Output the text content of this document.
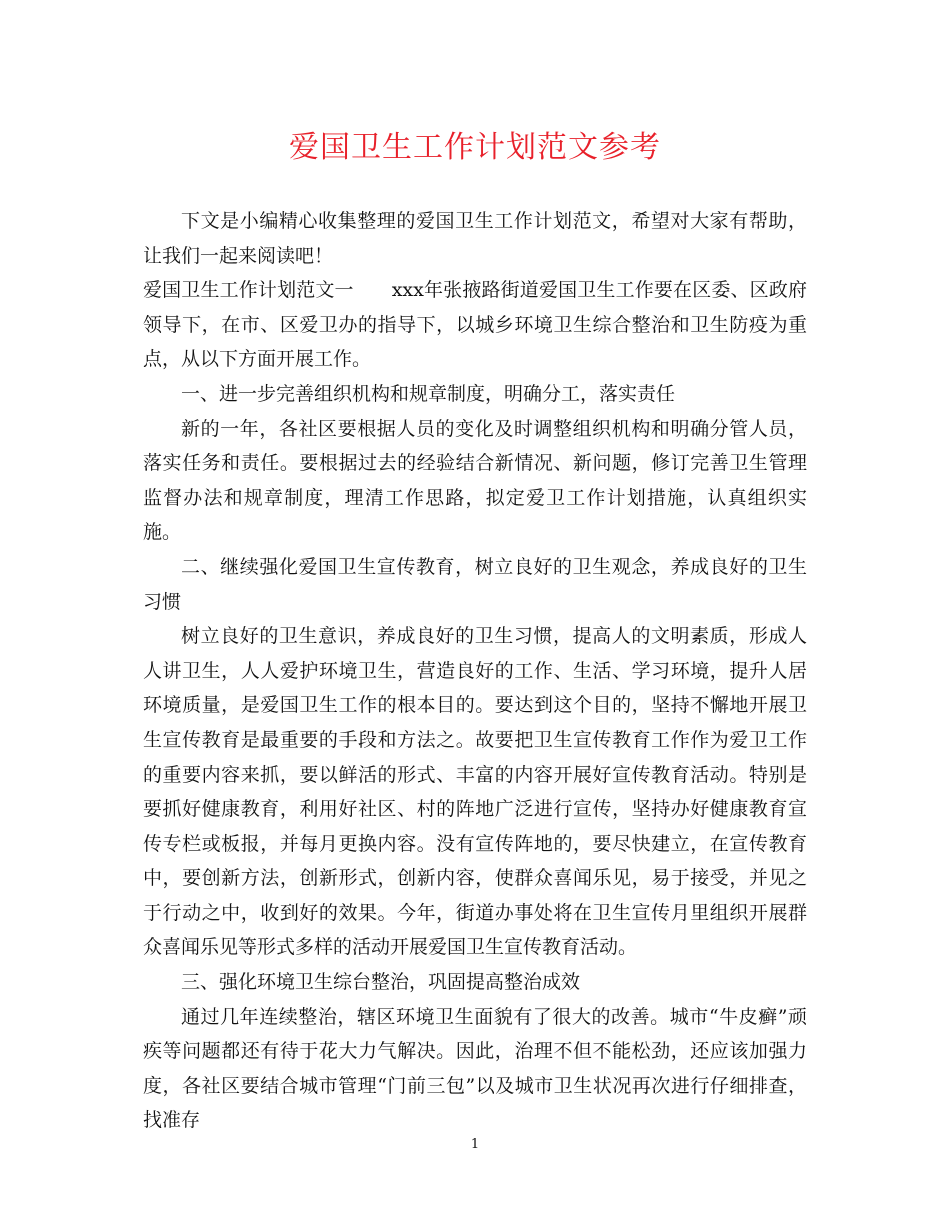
爱国卫生工作计划范文参考

下文是小编精心收集整理的爱国卫生工作计划范文，希望对大家有帮助，让我们一起来阅读吧！

爱国卫生工作计划范文一 xxx年张掖路街道爱国卫生工作要在区委、区政府领导下，在市、区爱卫办的指导下，以城乡环境卫生综合整治和卫生防疫为重点，从以下方面开展工作。

一、进一步完善组织机构和规章制度，明确分工，落实责任

新的一年，各社区要根据人员的变化及时调整组织机构和明确分管人员，落实任务和责任。要根据过去的经验结合新情况、新问题，修订完善卫生管理监督办法和规章制度，理清工作思路，拟定爱卫工作计划措施，认真组织实施。

二、继续强化爱国卫生宣传教育，树立良好的卫生观念，养成良好的卫生习惯

树立良好的卫生意识，养成良好的卫生习惯，提高人的文明素质，形成人人讲卫生，人人爱护环境卫生，营造良好的工作、生活、学习环境，提升人居环境质量，是爱国卫生工作的根本目的。要达到这个目的，坚持不懈地开展卫生宣传教育是最重要的手段和方法之。故要把卫生宣传教育工作作为爱卫工作的重要内容来抓，要以鲜活的形式、丰富的内容开展好宣传教育活动。特别是要抓好健康教育，利用好社区、村的阵地广泛进行宣传，坚持办好健康教育宣传专栏或板报，并每月更换内容。没有宣传阵地的，要尽快建立，在宣传教育中，要创新方法，创新形式，创新内容，使群众喜闻乐见，易于接受，并见之于行动之中，收到好的效果。今年，街道办事处将在卫生宣传月里组织开展群众喜闻乐见等形式多样的活动开展爱国卫生宣传教育活动。

三、强化环境卫生综台整治，巩固提高整治成效

通过几年连续整治，辖区环境卫生面貌有了很大的改善。城市“牛皮癣”顽疾等问题都还有待于花大力气解决。因此，治理不但不能松劲，还应该加强力度，各社区要结合城市管理“门前三包”以及城市卫生状况再次进行仔细排查，找准存

1
